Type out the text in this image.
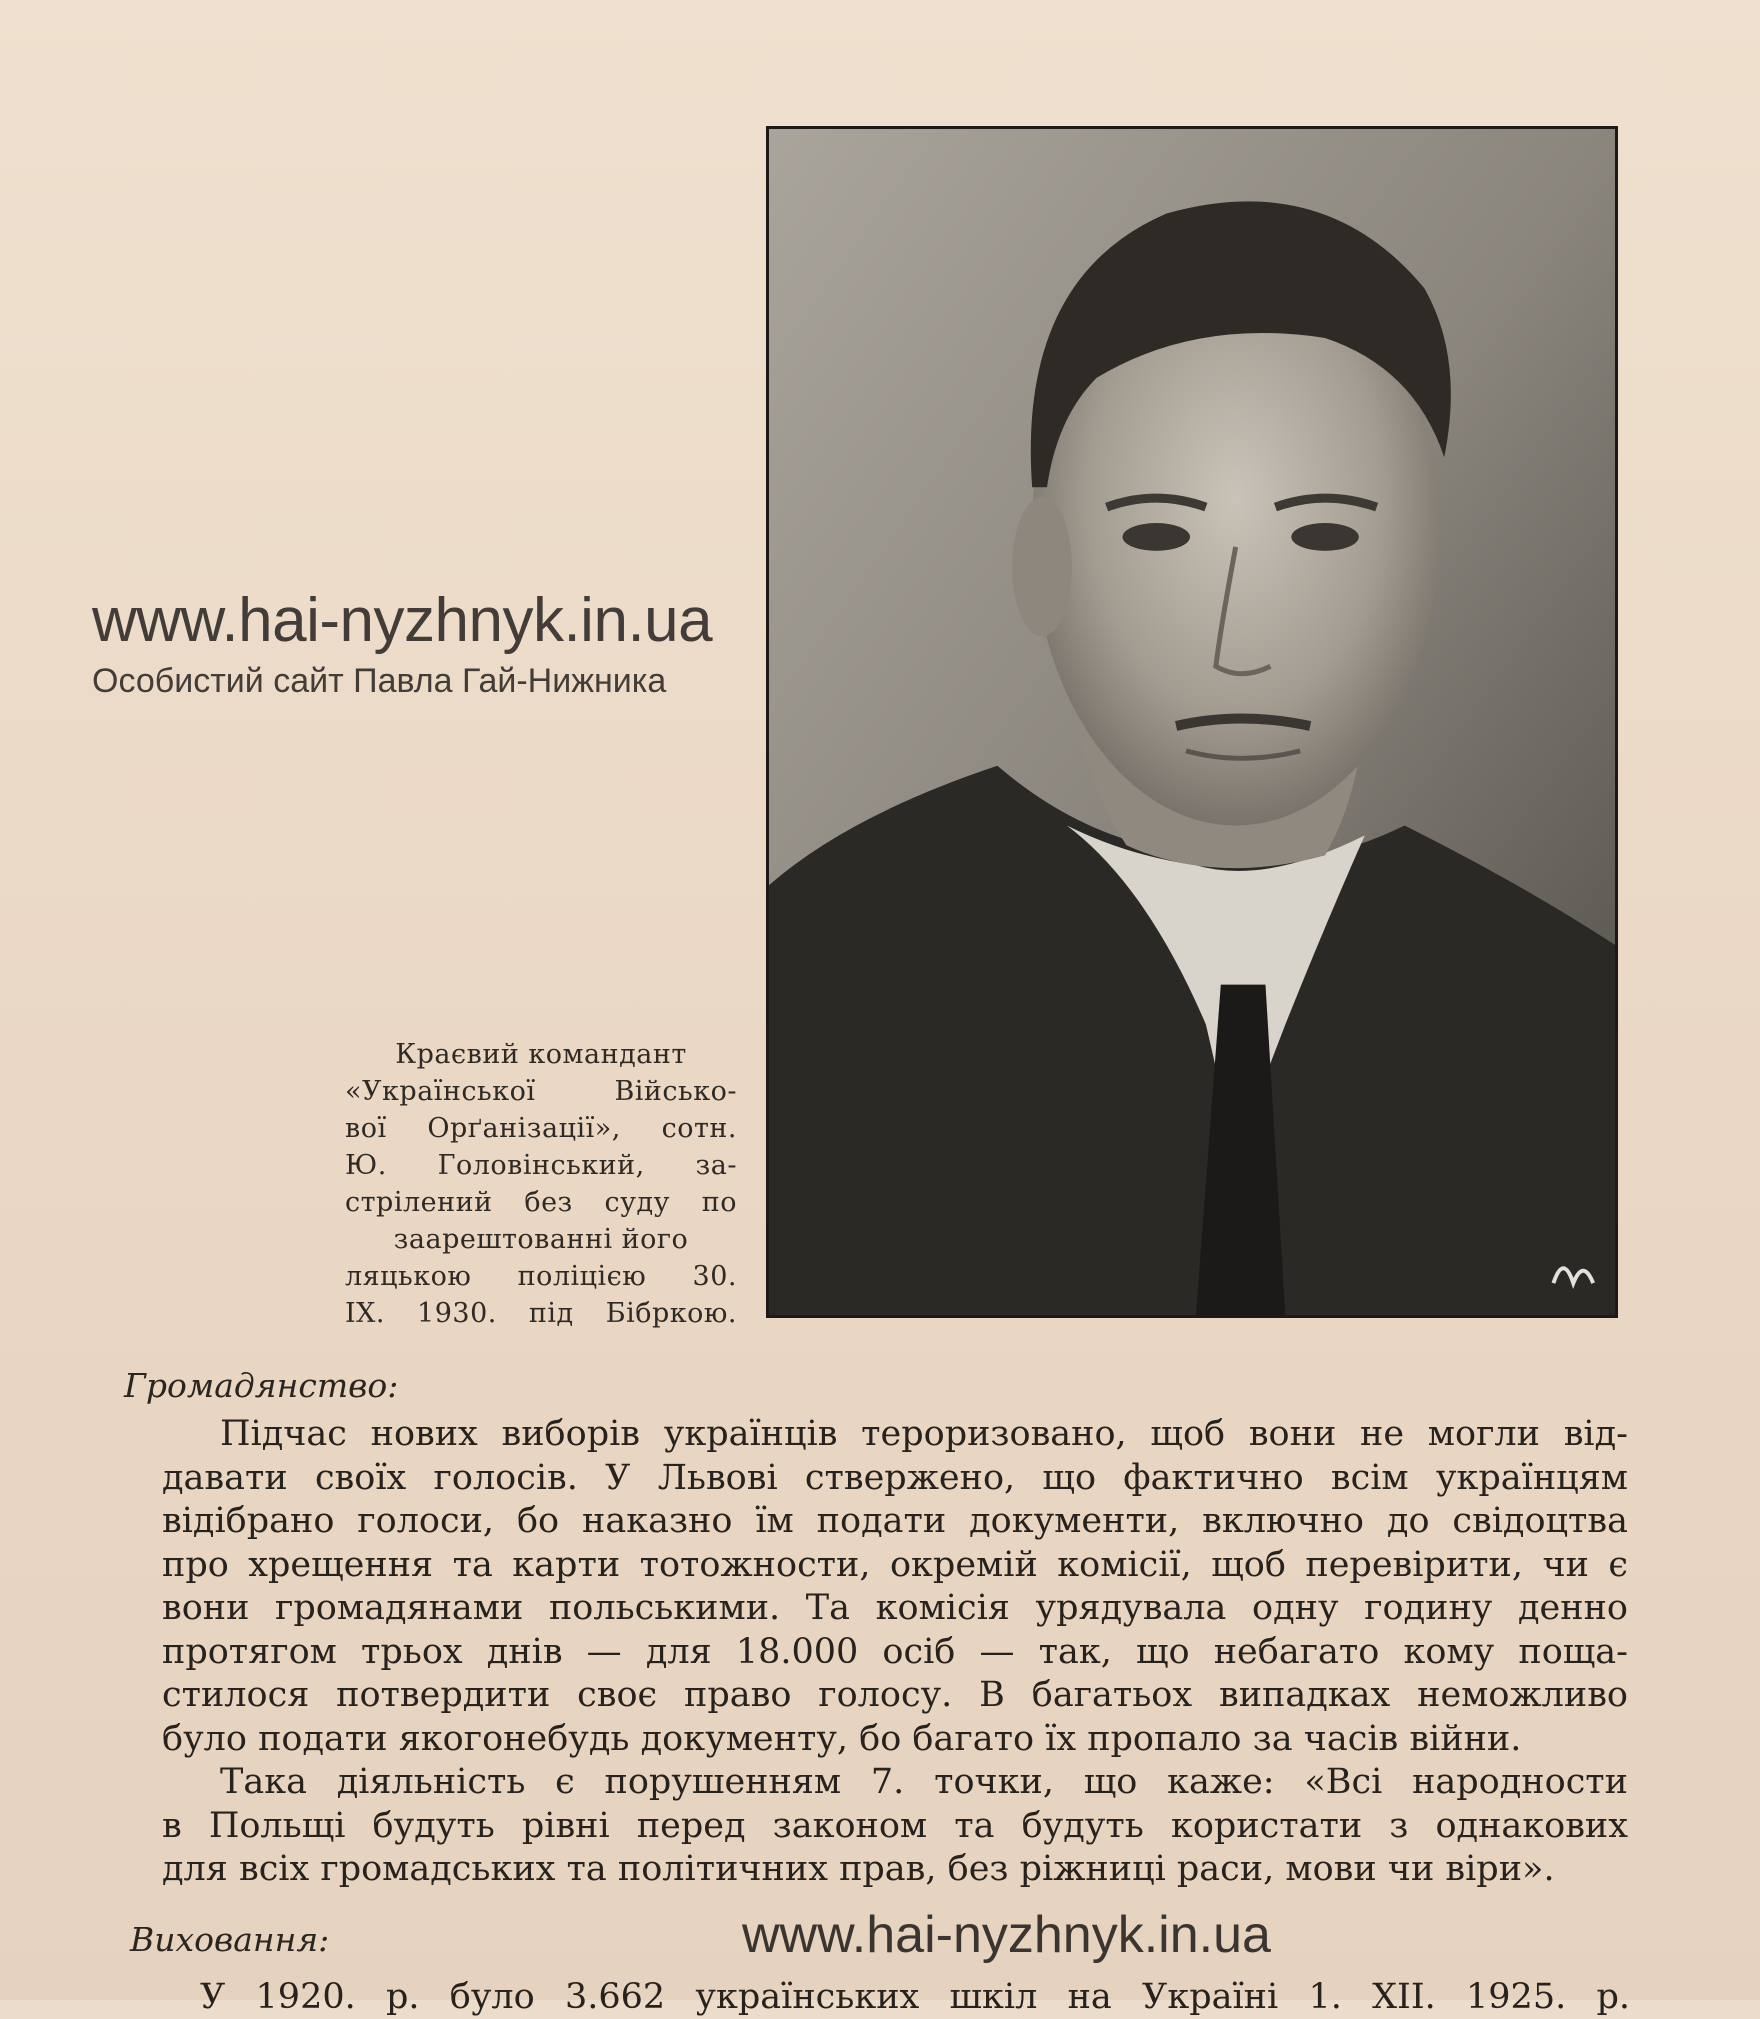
www.hai-nyzhnyk.in.ua
Особистий сайт Павла Гай-Нижника
Краєвий командант
«Української Військо-
вої Орґанізації», сотн.
Ю. Головінський, за-
стрілений без суду по
заарештованні його
ляцькою поліцією 30.
IX. 1930. під Бібркою.
Громадянство:
Підчас нових виборів українців тероризовано, щоб вони не могли від-
давати своїх голосів. У Львові ствержено, що фактично всім українцям
відібрано голоси, бо наказно їм подати документи, включно до свідоцтва
про хрещення та карти тотожности, окремій комісії, щоб перевірити, чи є
вони громадянами польськими. Та комісія урядувала одну годину денно
протягом трьох днів — для 18.000 осіб — так, що небагато кому поща-
стилося потвердити своє право голосу. В багатьох випадках неможливо
було подати якогонебудь документу, бо багато їх пропало за часів війни.
Така діяльність є порушенням 7. точки, що каже: «Всі народности
в Польщі будуть рівні перед законом та будуть користати з однакових
для всіх громадських та політичних прав, без ріжниці раси, мови чи віри».
Виховання:	www.hai-nyzhnyk.in.ua
У 1920. р. було 3.662 українських шкіл на Україні 1. XII. 1925. р.
